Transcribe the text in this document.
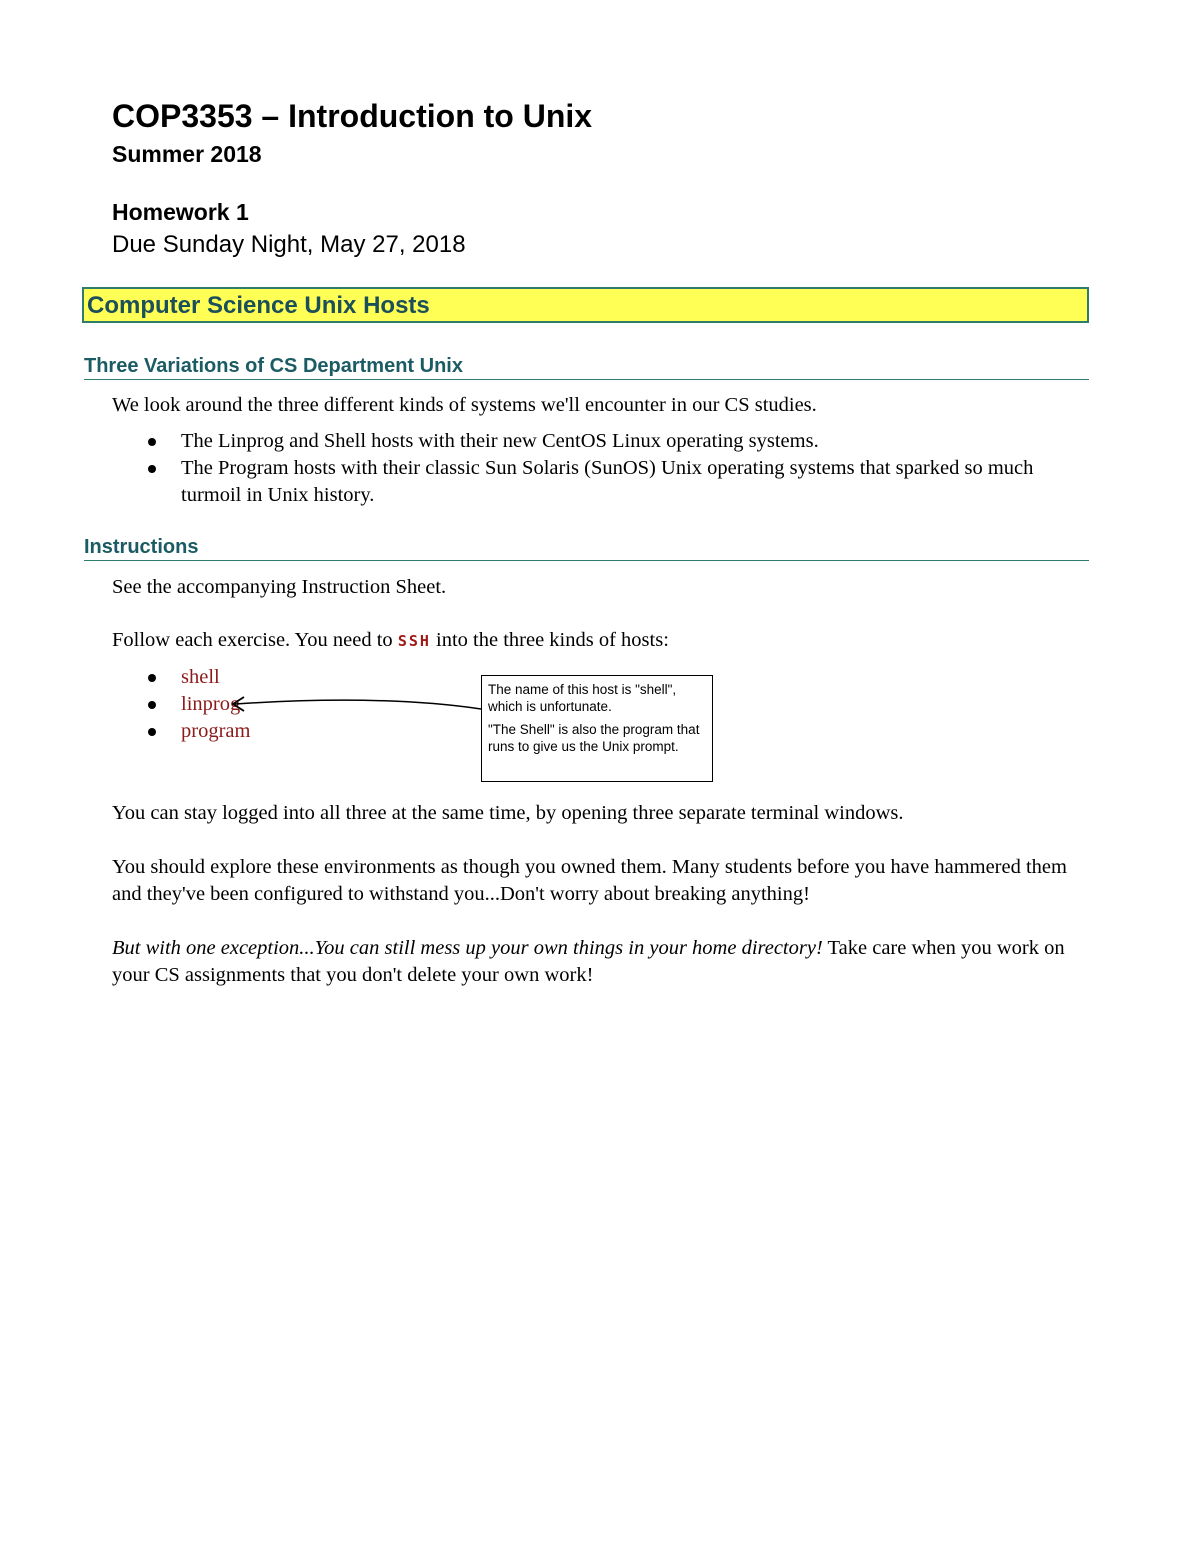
COP3353 – Introduction to Unix
Summer 2018
Homework 1
Due Sunday Night, May 27, 2018
Computer Science Unix Hosts
Three Variations of CS Department Unix

We look around the three different kinds of systems we'll encounter in our CS studies.

The Linprog and Shell hosts with their new CentOS Linux operating systems.
The Program hosts with their classic Sun Solaris (SunOS) Unix operating systems that sparked so much turmoil in Unix history.
Instructions

See the accompanying Instruction Sheet.

Follow each exercise. You need to SSH into the three kinds of hosts:

shell
linprog
program

The name of this host is "shell", which is unfortunate.

"The Shell" is also the program that runs to give us the Unix prompt.

You can stay logged into all three at the same time, by opening three separate terminal windows.

You should explore these environments as though you owned them. Many students before you have hammered them and they've been configured to withstand you...Don't worry about breaking anything!

But with one exception...You can still mess up your own things in your home directory! Take care when you work on your CS assignments that you don't delete your own work!
